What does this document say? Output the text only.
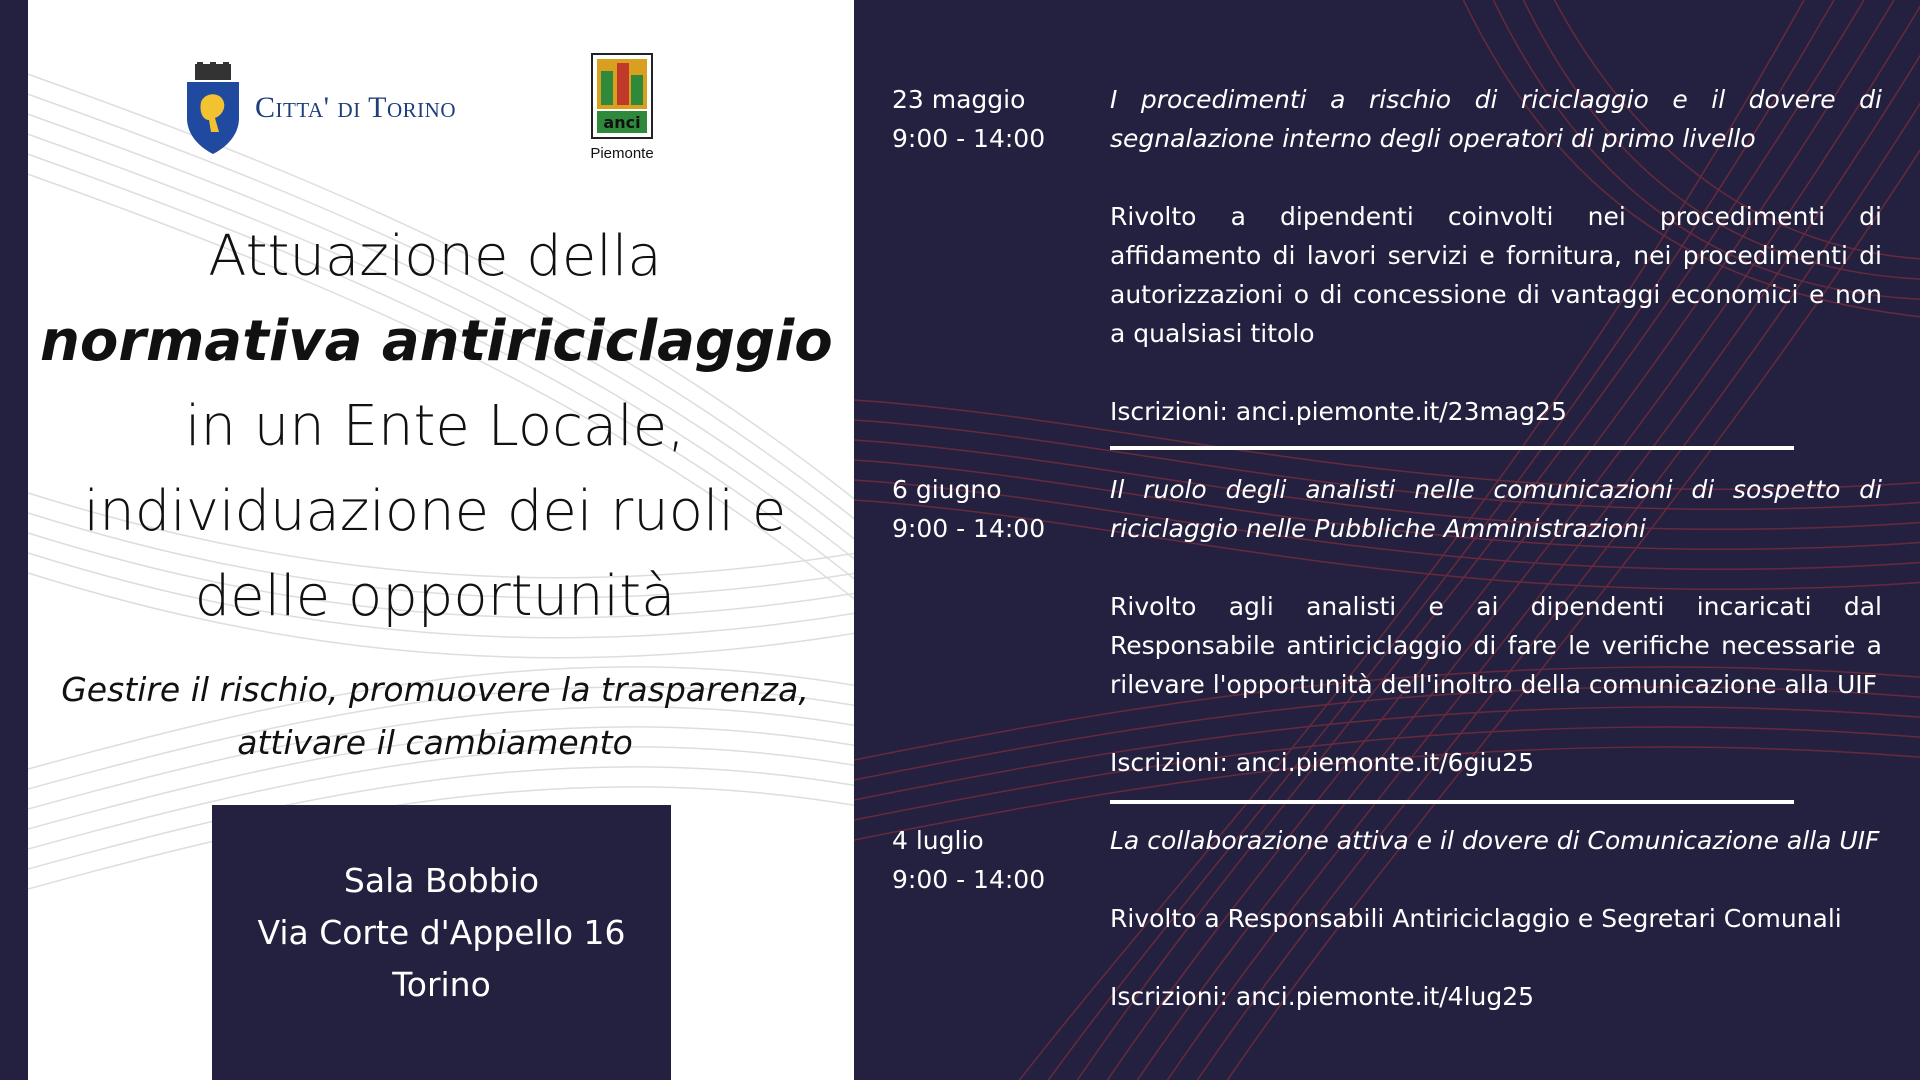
23 maggio
9:00 - 14:00

I procedimenti a rischio di riciclaggio e il dovere di segnalazione interno degli operatori di primo livello

Rivolto a dipendenti coinvolti nei procedimenti di affidamento di lavori servizi e fornitura, nei procedimenti di autorizzazioni o di concessione di vantaggi economici e non a qualsiasi titolo

Iscrizioni: anci.piemonte.it/23mag25

6 giugno
9:00 - 14:00

Il ruolo degli analisti nelle comunicazioni di sospetto di riciclaggio nelle Pubbliche Amministrazioni

Rivolto agli analisti e ai dipendenti incaricati dal Responsabile antiriciclaggio di fare le verifiche necessarie a rilevare l'opportunità dell'inoltro della comunicazione alla UIF

Iscrizioni: anci.piemonte.it/6giu25

4 luglio
9:00 - 14:00

La collaborazione attiva e il dovere di Comunicazione alla UIF

Rivolto a Responsabili Antiriciclaggio e Segretari Comunali

Iscrizioni: anci.piemonte.it/4lug25

Citta' di Torino	anci
Piemonte
Attuazione della
normativa antiriciclaggio
in un Ente Locale,
individuazione dei ruoli e
delle opportunità
Gestire il rischio, promuovere la trasparenza,
attivare il cambiamento
Sala Bobbio
Via Corte d'Appello 16
Torino
